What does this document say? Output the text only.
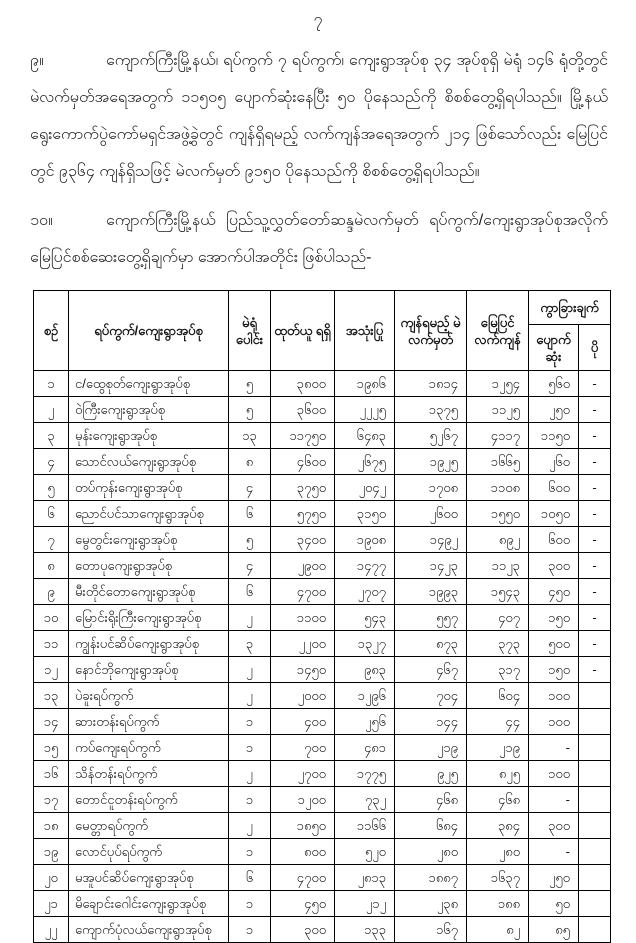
၇

၉။	ကျောက်ကြီးမြို့နယ်၊ ရပ်ကွက် ၇ ရပ်ကွက်၊ ကျေးရွာအုပ်စု ၃၄ အုပ်စုရှိ မဲရုံ ၁၄၆ ရုံတို့တွင် မဲလက်မှတ်အရေအတွက် ၁၁၅၀၅ ပျောက်ဆုံးနေပြီး ၅၀ ပိုနေသည်ကို စိစစ်တွေ့ရှိရပါသည်။ မြို့နယ် ရွေးကောက်ပွဲကော်မရှင်အဖွဲ့ခွဲတွင် ကျန်ရှိရမည့် လက်ကျန်အရေအတွက် ၂၁၄ ဖြစ်သော်လည်း မြေပြင်တွင် ၉၃၆၄ ကျန်ရှိသဖြင့် မဲလက်မှတ် ၉၁၅၀ ပိုနေသည်ကို စိစစ်တွေ့ရှိရပါသည်။

၁၀။	ကျောက်ကြီးမြို့နယ် ပြည်သူ့လွှတ်တော်ဆန္ဒမဲလက်မှတ် ရပ်ကွက်/ကျေးရွာအုပ်စုအလိုက် မြေပြင်စစ်ဆေးတွေ့ရှိချက်မှာ အောက်ပါအတိုင်း ဖြစ်ပါသည်-

စဉ်	ရပ်ကွက်/ကျေးရွာအုပ်စု	မဲရုံ ပေါင်း	ထုတ်ယူ ရရှိ	အသုံးပြု	ကျန်ရမည့် မဲလက်မှတ်	မြေပြင် လက်ကျန်	ကွာခြားချက်	
							ပျောက် ဆုံး	ပို
၁	င/ထွေစုတ်ကျေးရွာအုပ်စု	၅	၃၈၀၀	၁၉၈၆	၁၈၁၄	၁၂၅၄	၅၆၀	-
၂	ဝဲကြီးကျေးရွာအုပ်စု	၅	၃၆၀၀	၂၂၂၅	၁၃၇၅	၁၁၂၅	၂၅၀	-
၃	မုန်းကျေးရွာအုပ်စု	၁၃	၁၁၇၅၀	၆၄၈၃	၅၂၆၇	၄၁၁၇	၁၁၅၀	-
၄	သောင်လယ်ကျေးရွာအုပ်စု	၈	၄၆၀၀	၂၆၇၅	၁၉၂၅	၁၆၆၅	၂၆၀	-
၅	တပ်ကုန်းကျေးရွာအုပ်စု	၄	၃၇၅၀	၂၀၄၂	၁၇၀၈	၁၁၀၈	၆၀၀	-
၆	ညောင်ပင်သာကျေးရွာအုပ်စု	၆	၅၇၅၀	၃၁၅၀	၂၆၀၀	၁၅၅၀	၁၀၅၀	-
၇	မွေတွင်းကျေးရွာအုပ်စု	၅	၃၄၀၀	၁၉၀၈	၁၄၉၂	၈၉၂	၆၀၀	-
၈	တောပုကျေးရွာအုပ်စု	၄	၂၉၀၀	၁၄၇၇	၁၄၂၃	၁၁၂၃	၃၀၀	-
၉	မီးတိုင်တောကျေးရွာအုပ်စု	၆	၄၇၀၀	၂၇၀၇	၁၉၉၃	၁၅၄၃	၄၅၀	-
၁၀	မြောင်းရိုးကြီးကျေးရွာအုပ်စု	၂	၁၁၀၀	၅၄၃	၅၅၇	၄၀၇	၁၅၀	-
၁၁	ကျွန်းပင်ဆိပ်ကျေးရွာအုပ်စု	၃	၂၂၀၀	၁၃၂၇	၈၇၃	၃၇၃	၅၀၀	-
၁၂	နောင်ဘိုကျေးရွာအုပ်စု	၂	၁၄၅၀	၉၈၃	၄၆၇	၃၁၇	၁၅၀	-
၁၃	ပဲခူးရပ်ကွက်	၂	၂၀၀၀	၁၂၉၆	၇၀၄	၆၀၄	၁၀၀	
၁၄	ဆားတန်းရပ်ကွက်	၁	၄၀၀	၂၅၆	၁၄၄	၄၄	၁၀၀	
၁၅	ကပ်ကျေးရပ်ကွက်	၁	၇၀၀	၄၈၁	၂၁၉	၂၁၉	-	
၁၆	သိန်တန်းရပ်ကွက်	၂	၂၇၀၀	၁၇၇၅	၉၂၅	၈၂၅	၁၀၀	
၁၇	တောင်ငူတန်းရပ်ကွက်	၁	၁၂၀၀	၇၃၂	၄၆၈	၄၆၈	-	
၁၈	မေတ္တာရပ်ကွက်	၂	၁၈၅၀	၁၁၆၆	၆၈၄	၃၈၄	၃၀၀	
၁၉	လောင်ပုပ်ရပ်ကွက်	၁	၈၀၀	၅၂၀	၂၈၀	၂၈၀	-	
၂၀	မအူပင်ဆိပ်ကျေးရွာအုပ်စု	၆	၄၇၀၀	၂၈၁၃	၁၈၈၇	၁၆၃၇	၂၅၀	
၂၁	မိချောင်းဂေါင်းကျေးရွာအုပ်စု	၁	၄၅၀	၂၁၂	၂၃၈	၁၈၈	၅၀	
၂၂	ကျောက်ပုံလယ်ကျေးရွာအုပ်စု	၁	၃၀၀	၁၃၃	၁၆၇	၈၂	၈၅	
